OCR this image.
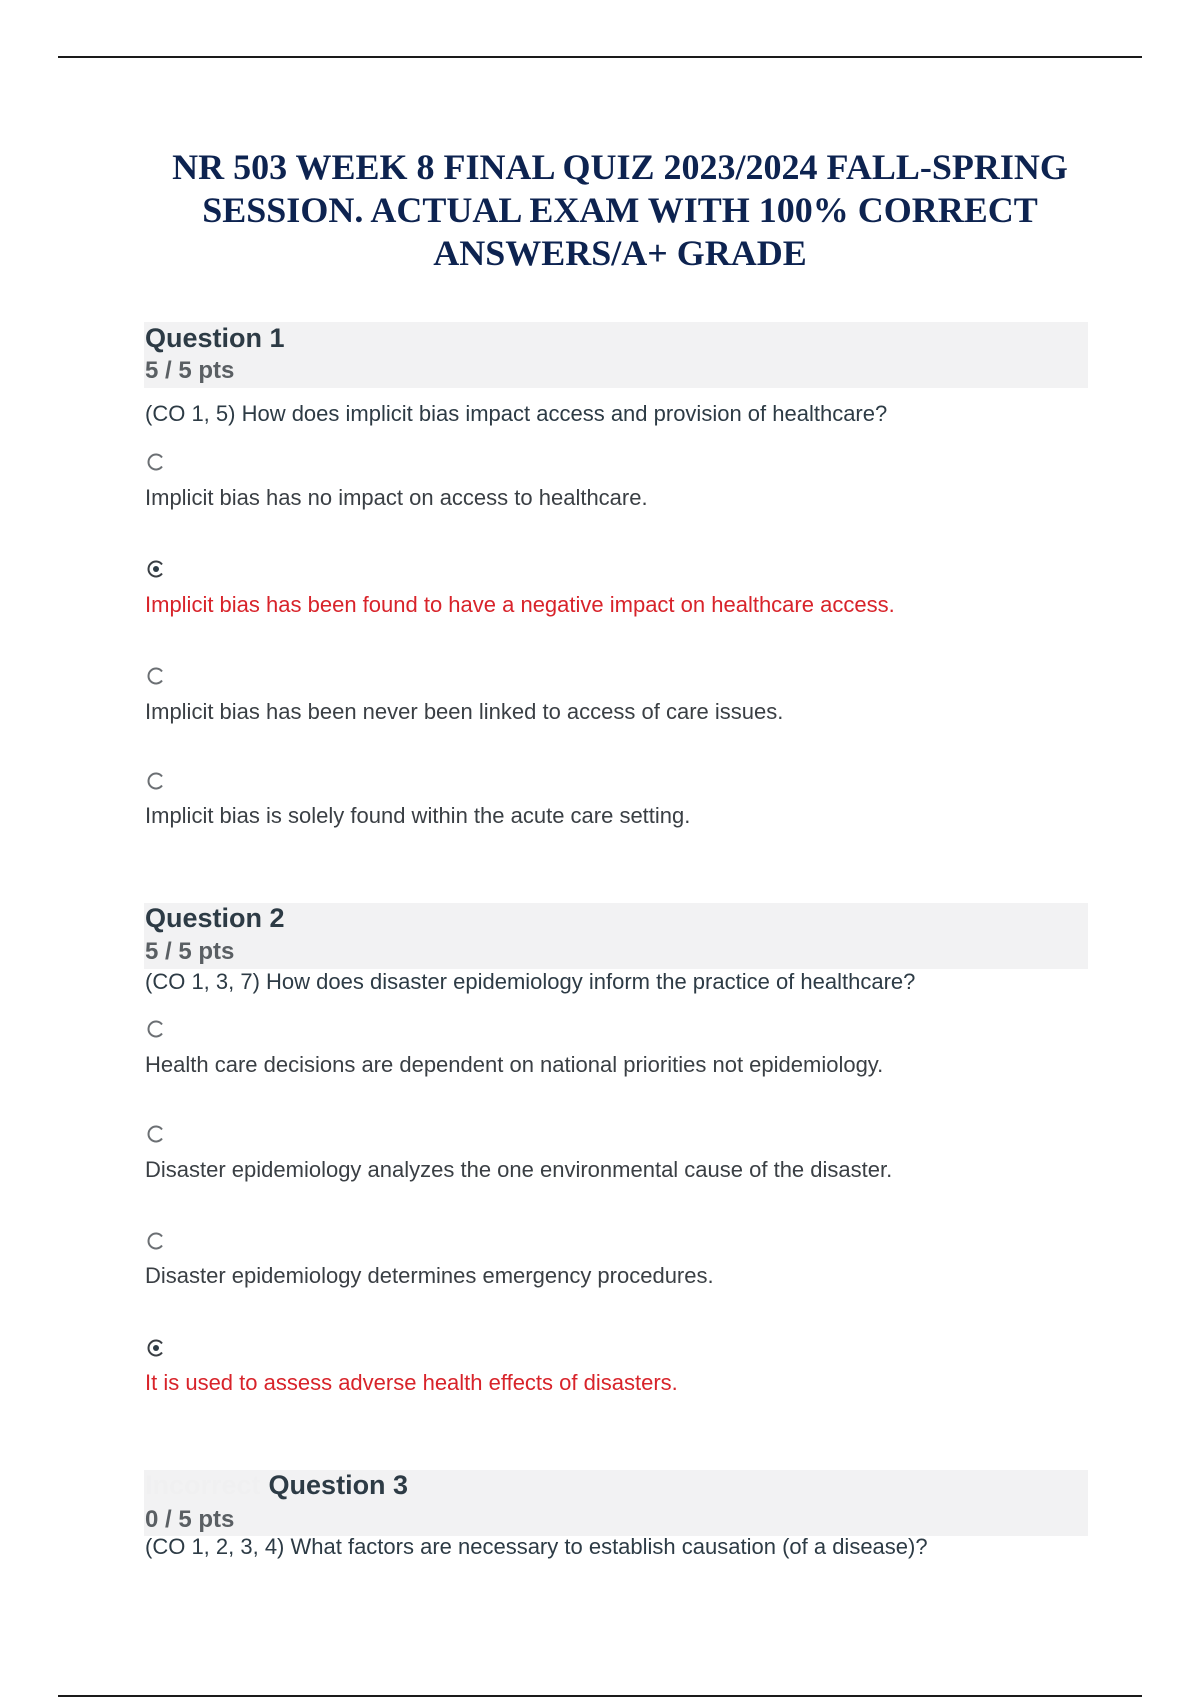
NR 503 WEEK 8 FINAL QUIZ 2023/2024 FALL-SPRING SESSION. ACTUAL EXAM WITH 100% CORRECT ANSWERS/A+ GRADE
Question 1
5 / 5 pts
(CO 1, 5) How does implicit bias impact access and provision of healthcare?
Implicit bias has no impact on access to healthcare.
Implicit bias has been found to have a negative impact on healthcare access.
Implicit bias has been never been linked to access of care issues.
Implicit bias is solely found within the acute care setting.
Question 2
5 / 5 pts
(CO 1, 3, 7) How does disaster epidemiology inform the practice of healthcare?
Health care decisions are dependent on national priorities not epidemiology.
Disaster epidemiology analyzes the one environmental cause of the disaster.
Disaster epidemiology determines emergency procedures.
It is used to assess adverse health effects of disasters.
Incorrect Question 3
0 / 5 pts
(CO 1, 2, 3, 4) What factors are necessary to establish causation (of a disease)?
